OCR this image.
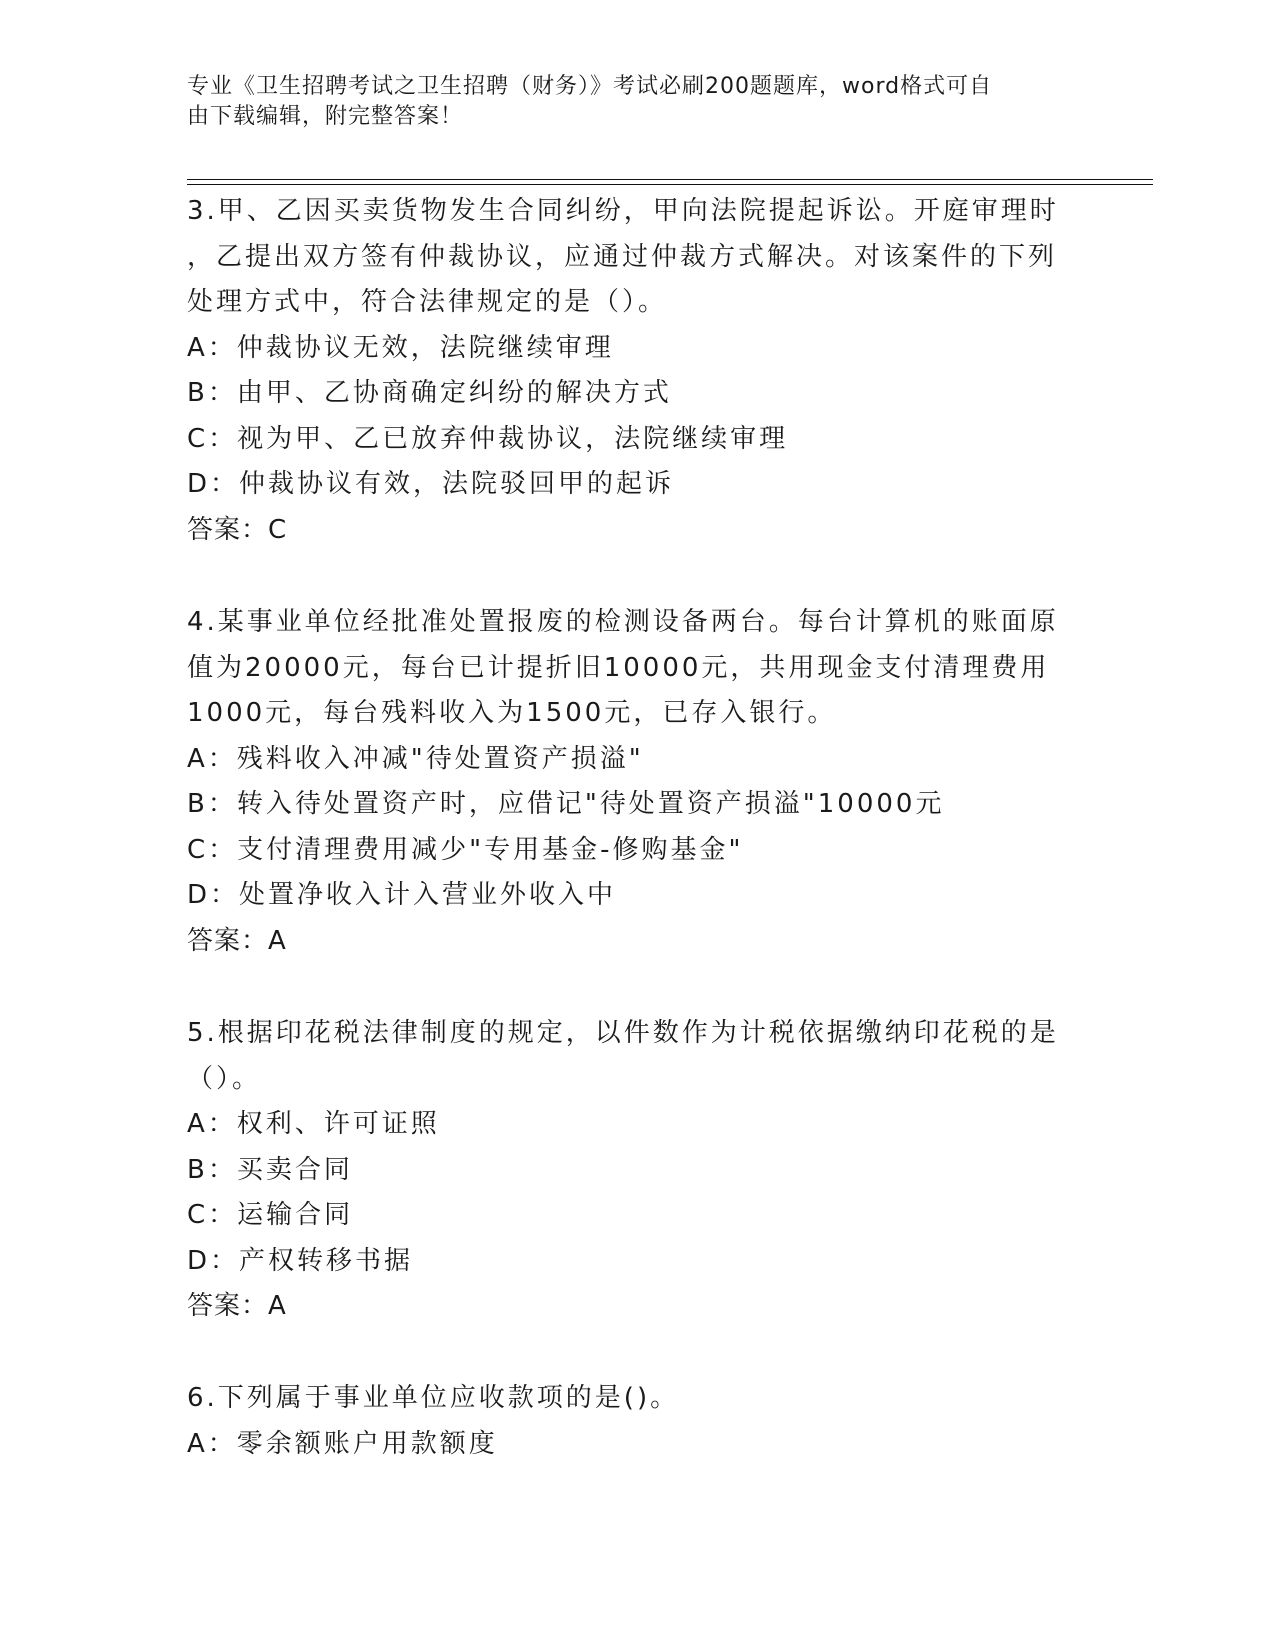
专业《卫生招聘考试之卫生招聘（财务）》考试必刷200题题库，word格式可自
由下载编辑，附完整答案！
3.甲、乙因买卖货物发生合同纠纷，甲向法院提起诉讼。开庭审理时
，乙提出双方签有仲裁协议，应通过仲裁方式解决。对该案件的下列
处理方式中，符合法律规定的是（）。
A：仲裁协议无效，法院继续审理
B：由甲、乙协商确定纠纷的解决方式
C：视为甲、乙已放弃仲裁协议，法院继续审理
D：仲裁协议有效，法院驳回甲的起诉
答案：C
4.某事业单位经批准处置报废的检测设备两台。每台计算机的账面原
值为20000元，每台已计提折旧10000元，共用现金支付清理费用
1000元，每台残料收入为1500元，已存入银行。
A：残料收入冲减"待处置资产损溢"
B：转入待处置资产时，应借记"待处置资产损溢"10000元
C：支付清理费用减少"专用基金-修购基金"
D：处置净收入计入营业外收入中
答案：A
5.根据印花税法律制度的规定，以件数作为计税依据缴纳印花税的是
（）。
A：权利、许可证照
B：买卖合同
C：运输合同
D：产权转移书据
答案：A
6.下列属于事业单位应收款项的是()。
A：零余额账户用款额度
